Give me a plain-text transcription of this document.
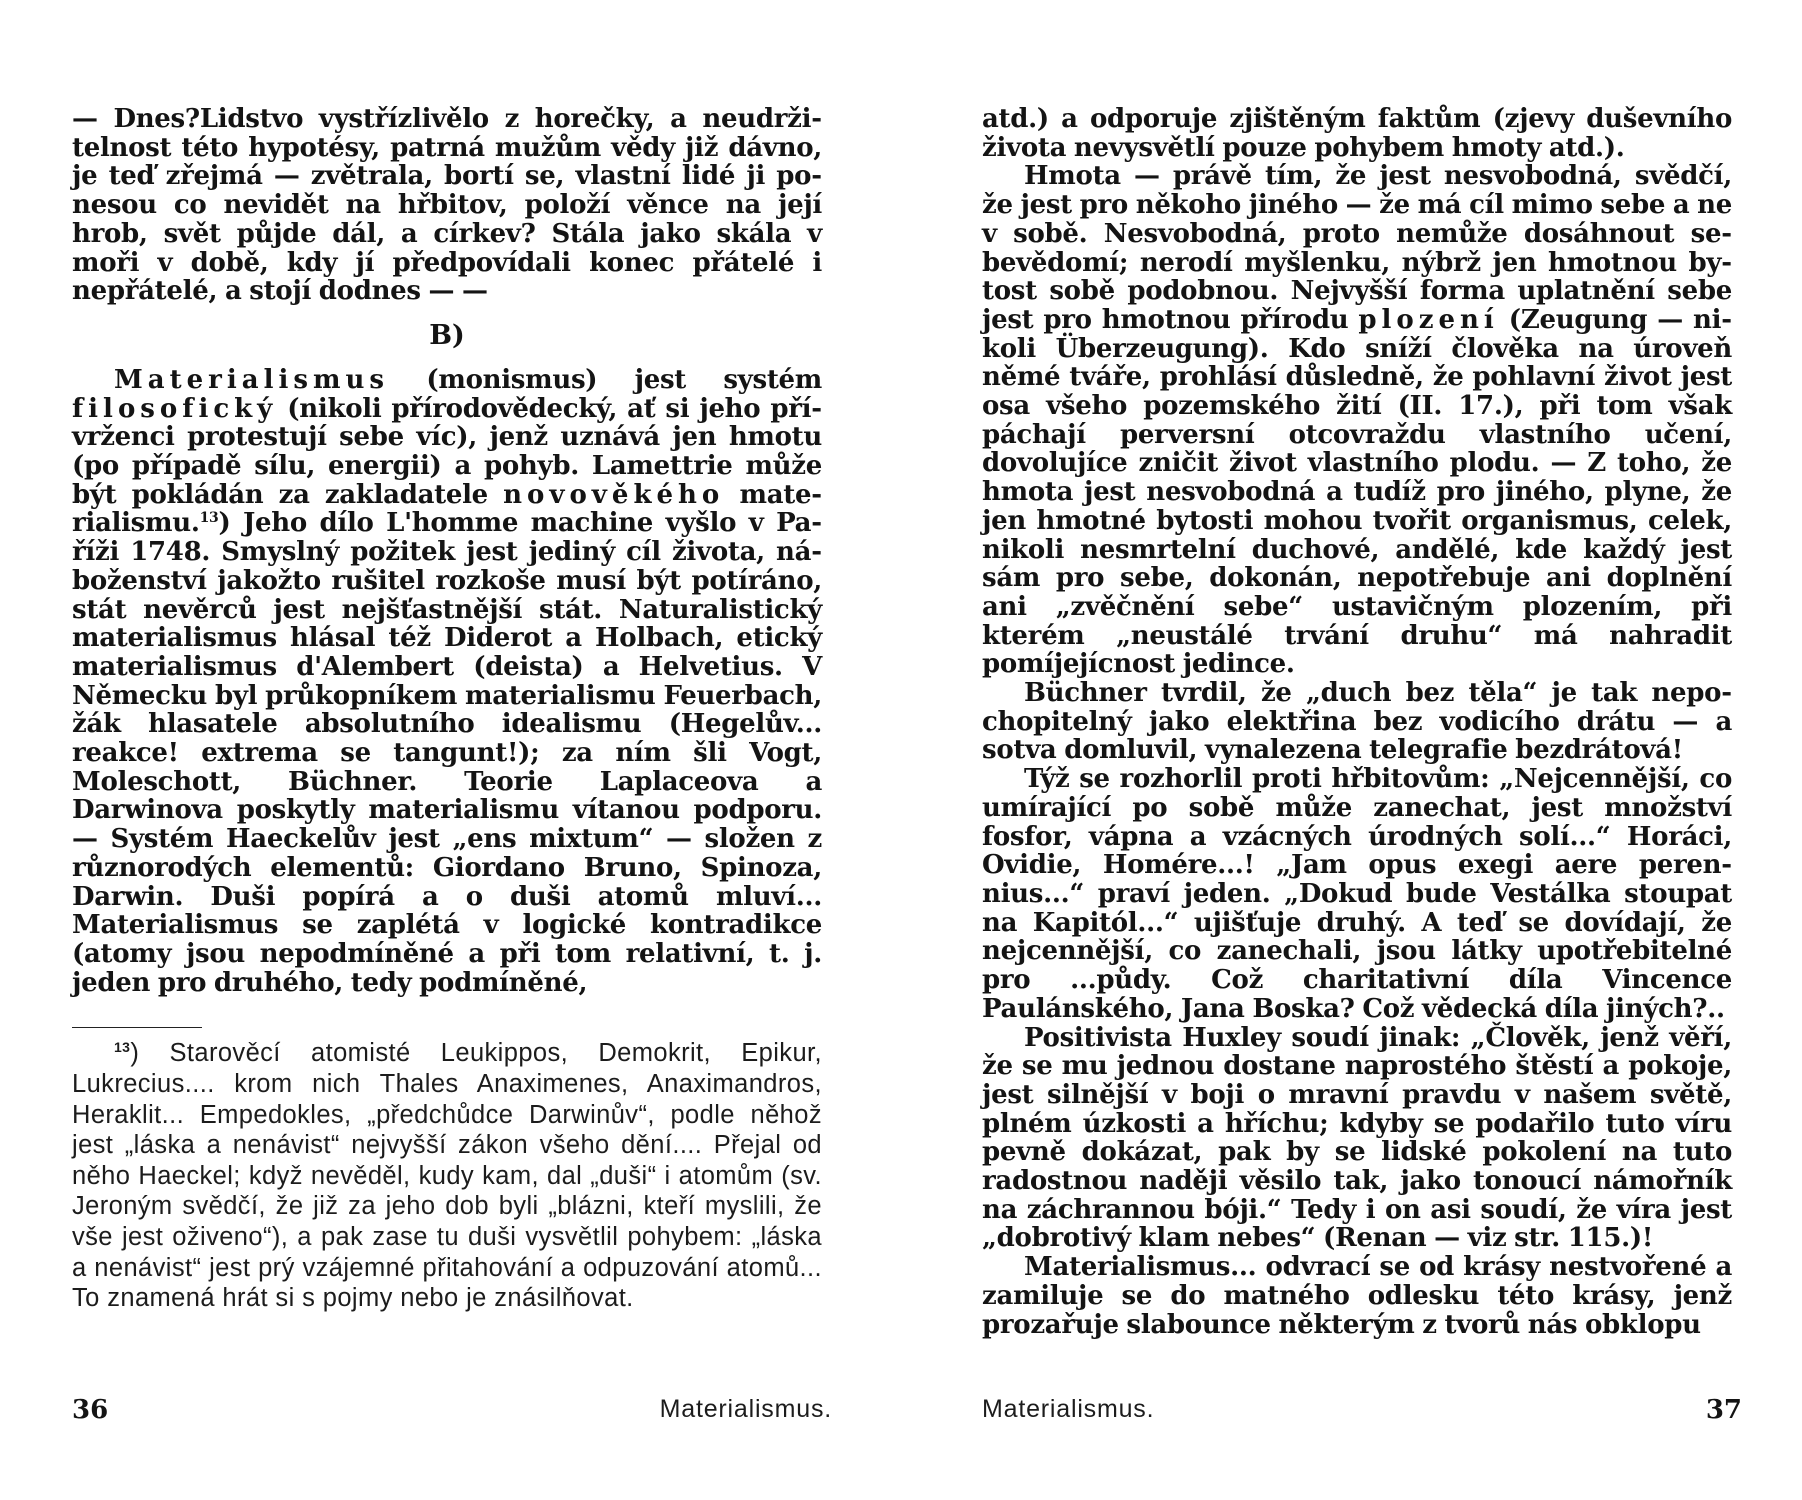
— Dnes?Lidstvo vystřízlivělo z horečky, a neudržitelnost této hypotésy, patrná mužům vědy již dávno, je teď zřejmá — zvětrala, bortí se, vlastní lidé ji ponesou co nevidět na hřbitov, položí věnce na její hrob, svět půjde dál, a církev? Stála jako skála v moři v době, kdy jí předpovídali konec přátelé i nepřátelé, a stojí dodnes — —

B)

Materialismus (monismus) jest systém filosofický (nikoli přírodovědecký, ať si jeho přívrženci protestují sebe víc), jenž uznává jen hmotu (po případě sílu, energii) a pohyb. Lamettrie může být pokládán za zakladatele novověkého materialismu.$^{13}$) Jeho dílo L'homme machine vyšlo v Paříži 1748. Smyslný požitek jest jediný cíl života, náboženství jakožto rušitel rozkoše musí být potíráno, stát nevěrců jest nejšťastnější stát. Naturalistický materialismus hlásal též Diderot a Holbach, etický materialismus d'Alembert (deista) a Helvetius. V Německu byl průkopníkem materialismu Feuerbach, žák hlasatele absolutního idealismu (Hegelův... reakce! extrema se tangunt!); za ním šli Vogt, Moleschott, Büchner. Teorie Laplaceova a Darwinova poskytly materialismu vítanou podporu. — Systém Haeckelův jest „ens mixtum“ — složen z různorodých elementů: Giordano Bruno, Spinoza, Darwin. Duši popírá a o duši atomů mluví... Materialismus se zaplétá v logické kontradikce (atomy jsou nepodmíněné a při tom relativní, t. j. jeden pro druhého, tedy podmíněné,

$^{13}$) Starověcí atomisté Leukippos, Demokrit, Epikur, Lukrecius.... krom nich Thales Anaximenes, Anaximandros, Heraklit... Empedokles, „předchůdce Darwinův“, podle něhož jest „láska a nenávist“ nejvyšší zákon všeho dění.... Přejal od něho Haeckel; když nevěděl, kudy kam, dal „duši“ i atomům (sv. Jeroným svědčí, že již za jeho dob byli „blázni, kteří myslili, že vše jest oživeno“), a pak zase tu duši vysvětlil pohybem: „láska a nenávist“ jest prý vzájemné přitahování a odpuzování atomů... To znamená hrát si s pojmy nebo je znásilňovat.

atd.) a odporuje zjištěným faktům (zjevy duševního života nevysvětlí pouze pohybem hmoty atd.).

Hmota — právě tím, že jest nesvobodná, svědčí, že jest pro někoho jiného — že má cíl mimo sebe a ne v sobě. Nesvobodná, proto nemůže dosáhnout sebevědomí; nerodí myšlenku, nýbrž jen hmotnou bytost sobě podobnou. Nejvyšší forma uplatnění sebe jest pro hmotnou přírodu plození (Zeugung — nikoli Überzeugung). Kdo sníží člověka na úroveň němé tváře, prohlásí důsledně, že pohlavní život jest osa všeho pozemského žití (II. 17.), při tom však páchají perversní otcovraždu vlastního učení, dovolujíce zničit život vlastního plodu. — Z toho, že hmota jest nesvobodná a tudíž pro jiného, plyne, že jen hmotné bytosti mohou tvořit organismus, celek, nikoli nesmrtelní duchové, andělé, kde každý jest sám pro sebe, dokonán, nepotřebuje ani doplnění ani „zvěčnění sebe“ ustavičným plozením, při kterém „neustálé trvání druhu“ má nahradit pomíjejícnost jedince.

Büchner tvrdil, že „duch bez těla“ je tak nepochopitelný jako elektřina bez vodicího drátu — a sotva domluvil, vynalezena telegrafie bezdrátová!

Týž se rozhorlil proti hřbitovům: „Nejcennější, co umírající po sobě může zanechat, jest množství fosfor, vápna a vzácných úrodných solí...“ Horáci, Ovidie, Homére...! „Jam opus exegi aere perennius...“ praví jeden. „Dokud bude Vestálka stoupat na Kapitól...“ ujišťuje druhý. A teď se dovídají, že nejcennější, co zanechali, jsou látky upotřebitelné pro ...půdy. Což charitativní díla Vincence Paulánského, Jana Boska? Což vědecká díla jiných?..

Positivista Huxley soudí jinak: „Člověk, jenž věří, že se mu jednou dostane naprostého štěstí a pokoje, jest silnější v boji o mravní pravdu v našem světě, plném úzkosti a hříchu; kdyby se podařilo tuto víru pevně dokázat, pak by se lidské pokolení na tuto radostnou naději věsilo tak, jako tonoucí námořník na záchrannou bóji.“ Tedy i on asi soudí, že víra jest „dobrotivý klam nebes“ (Renan — viz str. 115.)!

Materialismus... odvrací se od krásy nestvořené a zamiluje se do matného odlesku této krásy, jenž prozařuje slabounce některým z tvorů nás obklopu

36	Materialismus.	Materialismus.	37
